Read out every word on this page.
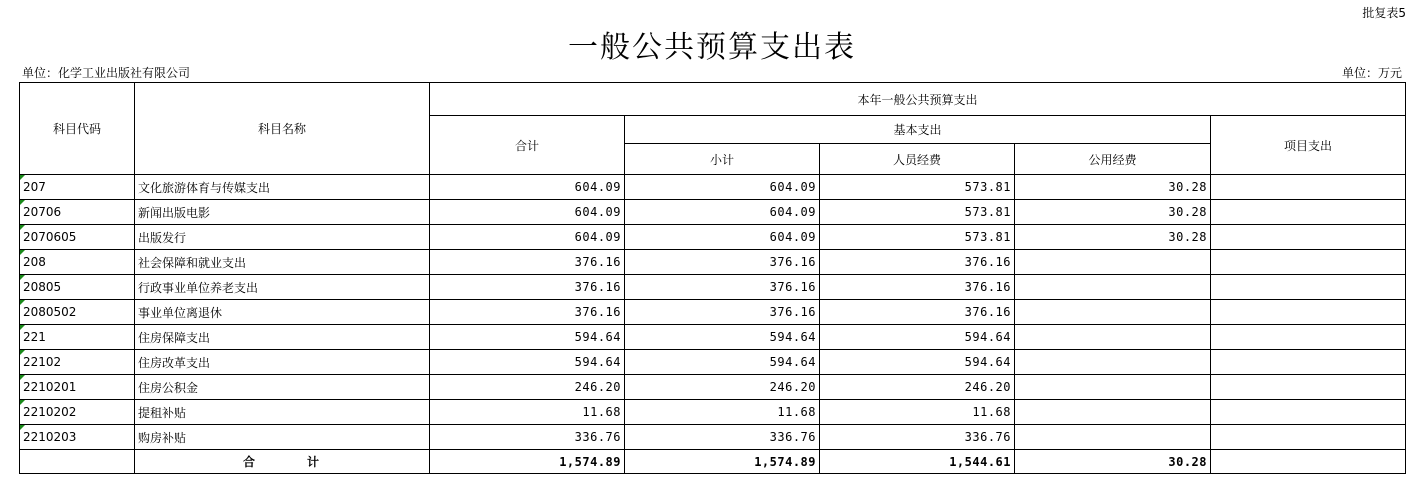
批复表5
一般公共预算支出表
单位：化学工业出版社有限公司	单位：万元
科目代码	科目名称	本年一般公共预算支出				
		合计	基本支出			项目支出
			小计	人员经费	公用经费	

207	文化旅游体育与传媒支出	604.09	604.09	573.81	30.28	

20706	新闻出版电影	604.09	604.09	573.81	30.28	

2070605	出版发行	604.09	604.09	573.81	30.28	

208	社会保障和就业支出	376.16	376.16	376.16		

20805	行政事业单位养老支出	376.16	376.16	376.16		

2080502	事业单位离退休	376.16	376.16	376.16		

221	住房保障支出	594.64	594.64	594.64		

22102	住房改革支出	594.64	594.64	594.64		

2210201	住房公积金	246.20	246.20	246.20		

2210202	提租补贴	11.68	11.68	11.68		

2210203	购房补贴	336.76	336.76	336.76		
	合 计	1,574.89	1,574.89	1,544.61	30.28	
